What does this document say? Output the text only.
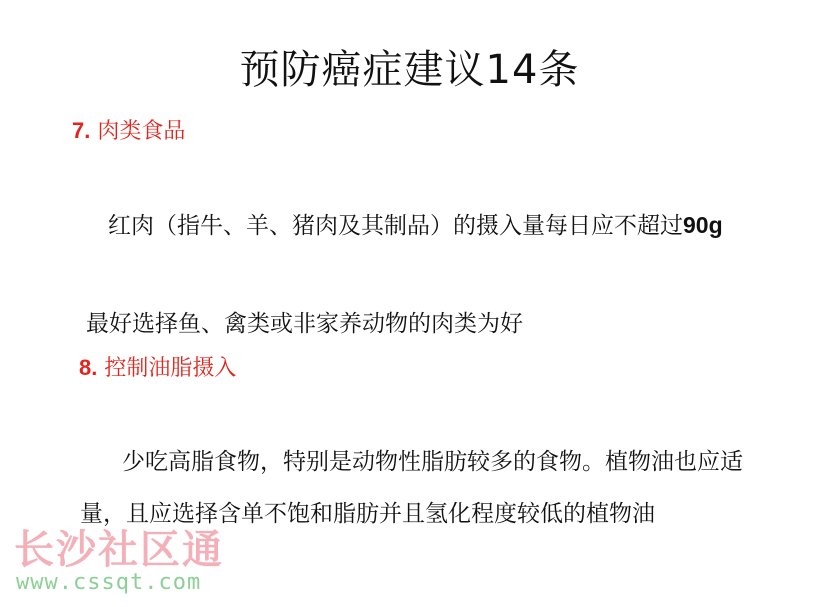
预防癌症建议14条
7. 肉类食品
红肉（指牛、羊、猪肉及其制品）的摄入量每日应不超过90g
最好选择鱼、禽类或非家养动物的肉类为好
8. 控制油脂摄入
少吃高脂食物，特别是动物性脂肪较多的食物。植物油也应适量，且应选择含单不饱和脂肪并且氢化程度较低的植物油
长沙社区通
www.cssqt.com
